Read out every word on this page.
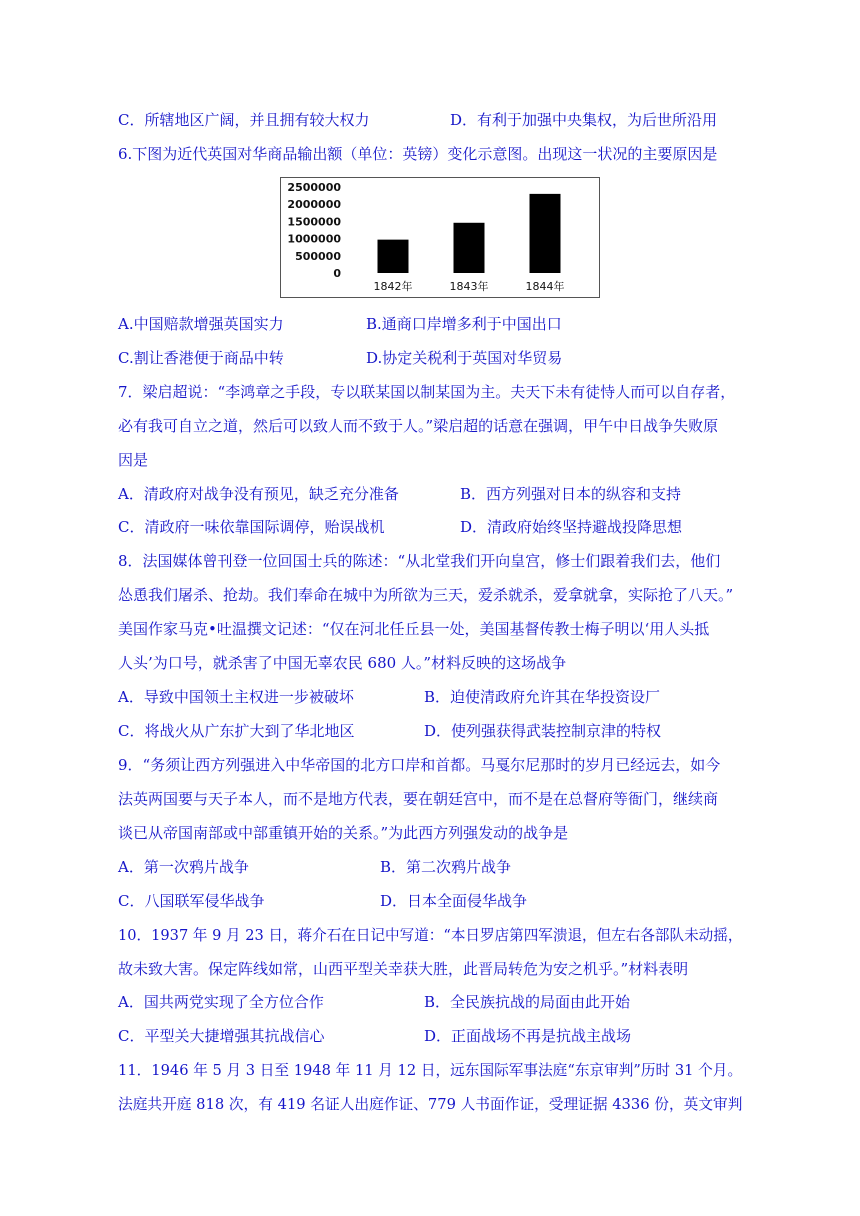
C．所辖地区广阔，并且拥有较大权力	D．有利于加强中央集权，为后世所沿用
6.下图为近代英国对华商品输出额（单位：英镑）变化示意图。出现这一状况的主要原因是
2500000
2000000
1500000
1000000
500000
0
1842年	1843年	1844年
A.中国赔款增强英国实力	B.通商口岸增多利于中国出口
C.割让香港便于商品中转	D.协定关税利于英国对华贸易
7．梁启超说：“李鸿章之手段，专以联某国以制某国为主。夫天下未有徒恃人而可以自存者，
必有我可自立之道，然后可以致人而不致于人。”梁启超的话意在强调，甲午中日战争失败原
因是
A．清政府对战争没有预见，缺乏充分准备	B．西方列强对日本的纵容和支持
C．清政府一味依靠国际调停，贻误战机	D．清政府始终坚持避战投降思想
8．法国媒体曾刊登一位回国士兵的陈述：“从北堂我们开向皇宫，修士们跟着我们去，他们
怂恿我们屠杀、抢劫。我们奉命在城中为所欲为三天，爱杀就杀，爱拿就拿，实际抢了八天。”
美国作家马克•吐温撰文记述：“仅在河北任丘县一处，美国基督传教士梅子明以‘用人头抵
人头’为口号，就杀害了中国无辜农民 680 人。”材料反映的这场战争
A．导致中国领土主权进一步被破坏	B．迫使清政府允许其在华投资设厂
C．将战火从广东扩大到了华北地区	D．使列强获得武装控制京津的特权
9．“务须让西方列强进入中华帝国的北方口岸和首都。马戛尔尼那时的岁月已经远去，如今
法英两国要与天子本人，而不是地方代表，要在朝廷宫中，而不是在总督府等衙门，继续商
谈已从帝国南部或中部重镇开始的关系。”为此西方列强发动的战争是
A．第一次鸦片战争	B．第二次鸦片战争
C．八国联军侵华战争	D．日本全面侵华战争
10．1937 年 9 月 23 日，蒋介石在日记中写道：“本日罗店第四军溃退，但左右各部队未动摇，
故未致大害。保定阵线如常，山西平型关幸获大胜，此晋局转危为安之机乎。”材料表明
A．国共两党实现了全方位合作	B．全民族抗战的局面由此开始
C．平型关大捷增强其抗战信心	D．正面战场不再是抗战主战场
11．1946 年 5 月 3 日至 1948 年 11 月 12 日，远东国际军事法庭“东京审判”历时 31 个月。
法庭共开庭 818 次，有 419 名证人出庭作证、779 人书面作证，受理证据 4336 份，英文审判
